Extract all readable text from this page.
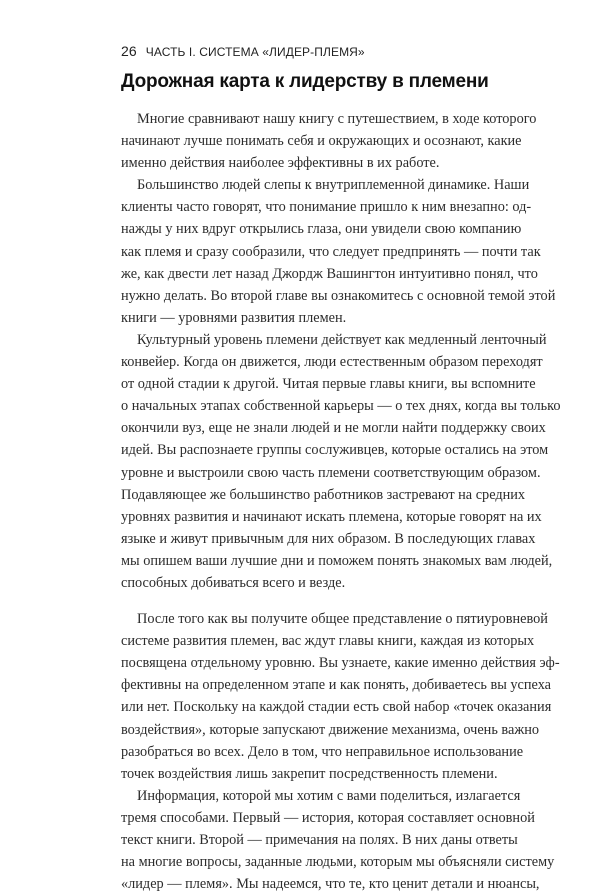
26 ЧАСТЬ I. СИСТЕМА «ЛИДЕР-ПЛЕМЯ»
Дорожная карта к лидерству в племени

Многие сравнивают нашу книгу с путешествием, в ходе которого

начинают лучше понимать себя и окружающих и осознают, какие

именно действия наиболее эффективны в их работе.

Большинство людей слепы к внутриплеменной динамике. Наши

клиенты часто говорят, что понимание пришло к ним внезапно: од-

нажды у них вдруг открылись глаза, они увидели свою компанию

как племя и сразу сообразили, что следует предпринять — почти так

же, как двести лет назад Джордж Вашингтон интуитивно понял, что

нужно делать. Во второй главе вы ознакомитесь с основной темой этой

книги — уровнями развития племен.

Культурный уровень племени действует как медленный ленточный

конвейер. Когда он движется, люди естественным образом переходят

от одной стадии к другой. Читая первые главы книги, вы вспомните

о начальных этапах собственной карьеры — о тех днях, когда вы только

окончили вуз, еще не знали людей и не могли найти поддержку своих

идей. Вы распознаете группы сослуживцев, которые остались на этом

уровне и выстроили свою часть племени соответствующим образом.

Подавляющее же большинство работников застревают на средних

уровнях развития и начинают искать племена, которые говорят на их

языке и живут привычным для них образом. В последующих главах

мы опишем ваши лучшие дни и поможем понять знакомых вам людей,

способных добиваться всего и везде.

После того как вы получите общее представление о пятиуровневой

системе развития племен, вас ждут главы книги, каждая из которых

посвящена отдельному уровню. Вы узнаете, какие именно действия эф-

фективны на определенном этапе и как понять, добиваетесь вы успеха

или нет. Поскольку на каждой стадии есть свой набор «точек оказания

воздействия», которые запускают движение механизма, очень важно

разобраться во всех. Дело в том, что неправильное использование

точек воздействия лишь закрепит посредственность племени.

Информация, которой мы хотим с вами поделиться, излагается

тремя способами. Первый — история, которая составляет основной

текст книги. Второй — примечания на полях. В них даны ответы

на многие вопросы, заданные людьми, которым мы объясняли систему

«лидер — племя». Мы надеемся, что те, кто ценит детали и нюансы,
